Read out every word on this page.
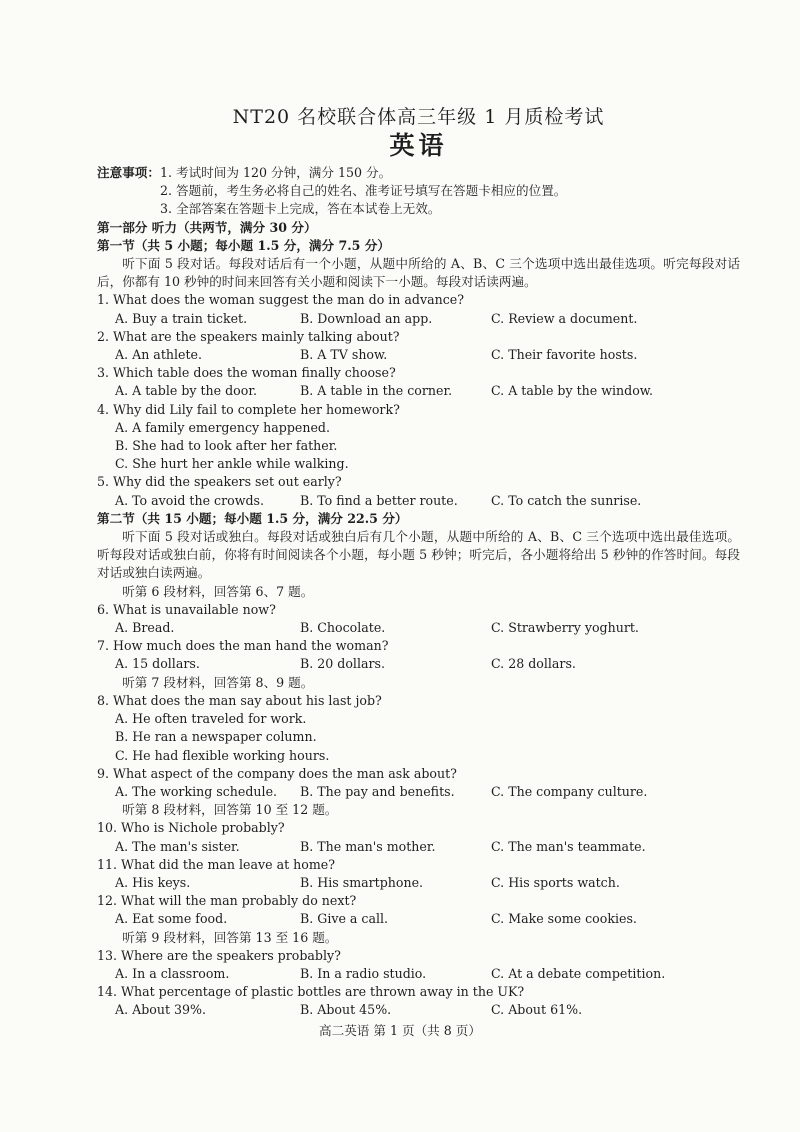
NT20 名校联合体高三年级 1 月质检考试
英语
注意事项： 1. 考试时间为 120 分钟，满分 150 分。
2. 答题前，考生务必将自己的姓名、准考证号填写在答题卡相应的位置。
3. 全部答案在答题卡上完成，答在本试卷上无效。
第一部分 听力（共两节，满分 30 分）
第一节（共 5 小题；每小题 1.5 分，满分 7.5 分）
听下面 5 段对话。每段对话后有一个小题，从题中所给的 A、B、C 三个选项中选出最佳选项。听完每段对话后，你都有 10 秒钟的时间来回答有关小题和阅读下一小题。每段对话读两遍。
1. What does the woman suggest the man do in advance?
A. Buy a train ticket.	B. Download an app.	C. Review a document.
2. What are the speakers mainly talking about?
A. An athlete.	B. A TV show.	C. Their favorite hosts.
3. Which table does the woman finally choose?
A. A table by the door.	B. A table in the corner.	C. A table by the window.
4. Why did Lily fail to complete her homework?
A. A family emergency happened.
B. She had to look after her father.
C. She hurt her ankle while walking.
5. Why did the speakers set out early?
A. To avoid the crowds.	B. To find a better route.	C. To catch the sunrise.
第二节（共 15 小题；每小题 1.5 分，满分 22.5 分）
听下面 5 段对话或独白。每段对话或独白后有几个小题，从题中所给的 A、B、C 三个选项中选出最佳选项。听每段对话或独白前，你将有时间阅读各个小题，每小题 5 秒钟；听完后，各小题将给出 5 秒钟的作答时间。每段对话或独白读两遍。
听第 6 段材料，回答第 6、7 题。
6. What is unavailable now?
A. Bread.	B. Chocolate.	C. Strawberry yoghurt.
7. How much does the man hand the woman?
A. 15 dollars.	B. 20 dollars.	C. 28 dollars.
听第 7 段材料，回答第 8、9 题。
8. What does the man say about his last job?
A. He often traveled for work.
B. He ran a newspaper column.
C. He had flexible working hours.
9. What aspect of the company does the man ask about?
A. The working schedule.	B. The pay and benefits.	C. The company culture.
听第 8 段材料，回答第 10 至 12 题。
10. Who is Nichole probably?
A. The man's sister.	B. The man's mother.	C. The man's teammate.
11. What did the man leave at home?
A. His keys.	B. His smartphone.	C. His sports watch.
12. What will the man probably do next?
A. Eat some food.	B. Give a call.	C. Make some cookies.
听第 9 段材料，回答第 13 至 16 题。
13. Where are the speakers probably?
A. In a classroom.	B. In a radio studio.	C. At a debate competition.
14. What percentage of plastic bottles are thrown away in the UK?
A. About 39%.	B. About 45%.	C. About 61%.
高二英语 第 1 页（共 8 页）
